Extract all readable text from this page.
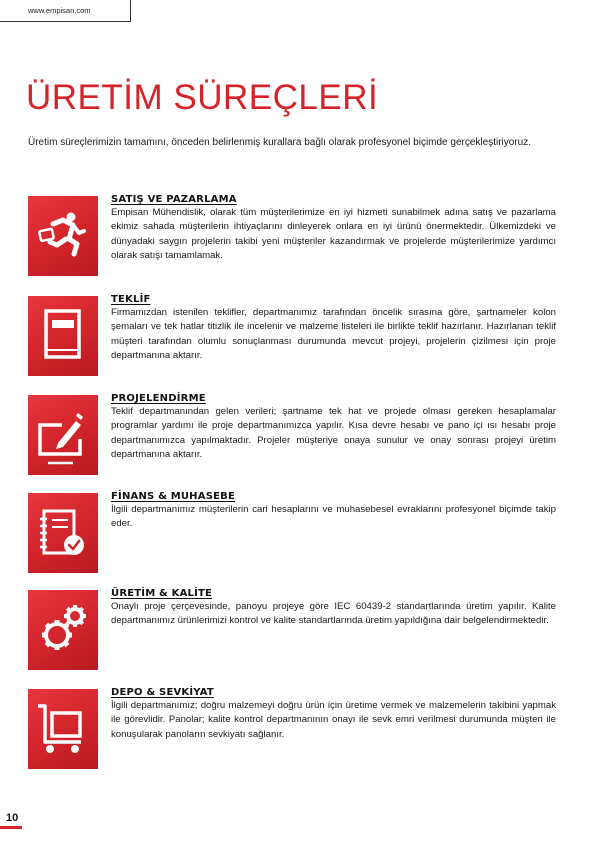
www.empisan.com
ÜRETİM SÜREÇLERİ
Üretim süreçlerimizin tamamını, önceden belirlenmiş kurallara bağlı olarak profesyonel biçimde gerçekleştiriyoruz.
SATIŞ VE PAZARLAMA
Empisan Mühendislik, olarak tüm müşterilerimize en iyi hizmeti sunabilmek adına satış ve pazarlama ekimiz sahada müşterilerin ihtiyaçlarını dinleyerek onlara en iyi ürünü önermektedir. Ülkemizdeki ve dünyadaki saygın projelerin takibi yeni müşteriler kazandırmak ve projelerde müşterilerimize yardımcı olarak satışı tamamlamak.
TEKLİF
Firmamızdan istenilen teklifler, departmanımız tarafından öncelik sırasına göre, şartnameler kolon şemaları ve tek hatlar titizlik ile incelenir ve malzeme listeleri ile birlikte teklif hazırlanır. Hazırlanan teklif müşteri tarafından olumlu sonuçlanması durumunda mevcut projeyi, projelerin çizilmesi için proje departmanına aktarır.
PROJELENDİRME
Teklif departmanından gelen verileri; şartname tek hat ve projede olması gereken hesaplamalar programlar yardımı ile proje departmanımızca yapılır. Kısa devre hesabı ve pano içi ısı hesabı proje departmanımızca yapılmaktadır. Projeler müşteriye onaya sunulur ve onay sonrası projeyi üretim departmanına aktarır.
FİNANS & MUHASEBE
İlgili departmanımız müşterilerin cari hesaplarını ve muhasebesel evraklarını profesyonel biçimde takip eder.
ÜRETİM & KALİTE
Onaylı proje çerçevesinde, panoyu projeye göre IEC 60439-2 standartlarında üretim yapılır. Kalite departmanımız ürünlerimizi kontrol ve kalite standartlarında üretim yapıldığına dair belgelendirmektedir.
DEPO & SEVKİYAT
İlgili departmanımız; doğru malzemeyi doğru ürün için üretime vermek ve malzemelerin takibini yapmak ile görevlidir. Panolar; kalite kontrol departmanının onayı ile sevk emri verilmesi durumunda müşteri ile konuşularak panoların sevkiyatı sağlanır.
10
